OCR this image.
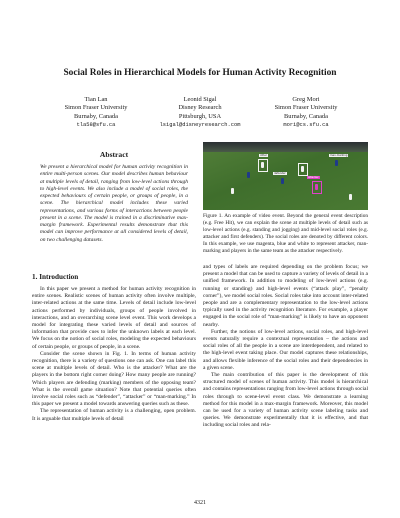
Social Roles in Hierarchical Models for Human Activity Recognition
Tian Lan
Simon Fraser University
Burnaby, Canada
tla58@sfu.ca
Leonid Sigal
Disney Research
Pittsburgh, USA
lsigal@disneyresearch.com
Greg Mori
Simon Fraser University
Burnaby, Canada
mori@cs.sfu.ca
Abstract
We present a hierarchical model for human activity recognition in entire multi-person scenes. Our model describes human behaviour at multiple levels of detail, ranging from low-level actions through to high-level events. We also include a model of social roles, the expected behaviours of certain people, or groups of people, in a scene. The hierarchical model includes these varied representations, and various forms of interactions between people present in a scene. The model is trained in a discriminative max-margin framework. Experimental results demonstrate that this model can improve performance at all considered levels of detail, on two challenging datasets.
other
attacker
man-marking
defender
Figure 1. An example of video event. Beyond the general event description (e.g. Free Hit), we can explain the scene at multiple levels of detail such as low-level actions (e.g. standing and jogging) and mid-level social roles (e.g. attacker and first defenders). The social roles are denoted by different colors. In this example, we use magenta, blue and white to represent attacker, man-marking and players in the same team as the attacker respectively.
1. Introduction

In this paper we present a method for human activity recognition in entire scenes. Realistic scenes of human activity often involve multiple, inter-related actions at the same time. Levels of detail include low-level actions performed by individuals, groups of people involved in interactions, and an overarching scene level event. This work develops a model for integrating these varied levels of detail and sources of information that provide cues to infer the unknown labels at each level. We focus on the notion of social roles, modeling the expected behaviours of certain people, or groups of people, in a scene.

Consider the scene shown in Fig. 1. In terms of human activity recognition, there is a variety of questions one can ask. One can label this scene at multiple levels of detail. Who is the attacker? What are the players in the bottom right corner doing? How many people are running? Which players are defending (marking) members of the opposing team? What is the overall game situation? Note that potential queries often involve social roles such as “defender”, “attacker” or “man-marking.” In this paper we present a model towards answering queries such as these.

The representation of human activity is a challenging, open problem. It is arguable that multiple levels of detail

and types of labels are required depending on the problem focus; we present a model that can be used to capture a variety of levels of detail in a unified framework. In addition to modeling of low-level actions (e.g. running or standing) and high-level events (“attack play”, “penalty corner”), we model social roles. Social roles take into account inter-related people and are a complementary representation to the low-level actions typically used in the activity recognition literature. For example, a player engaged in the social role of “man-marking” is likely to have an opponent nearby.

Further, the notions of low-level actions, social roles, and high-level events naturally require a contextual representation – the actions and social roles of all the people in a scene are interdependent, and related to the high-level event taking place. Our model captures these relationships, and allows flexible inference of the social roles and their dependencies in a given scene.

The main contribution of this paper is the development of this structured model of scenes of human activity. This model is hierarchical and contains representations ranging from low-level actions through social roles through to scene-level event class. We demonstrate a learning method for this model in a max-margin framework. Moreover, this model can be used for a variety of human activity scene labeling tasks and queries. We demonstrate experimentally that it is effective, and that including social roles and rela-

4321
